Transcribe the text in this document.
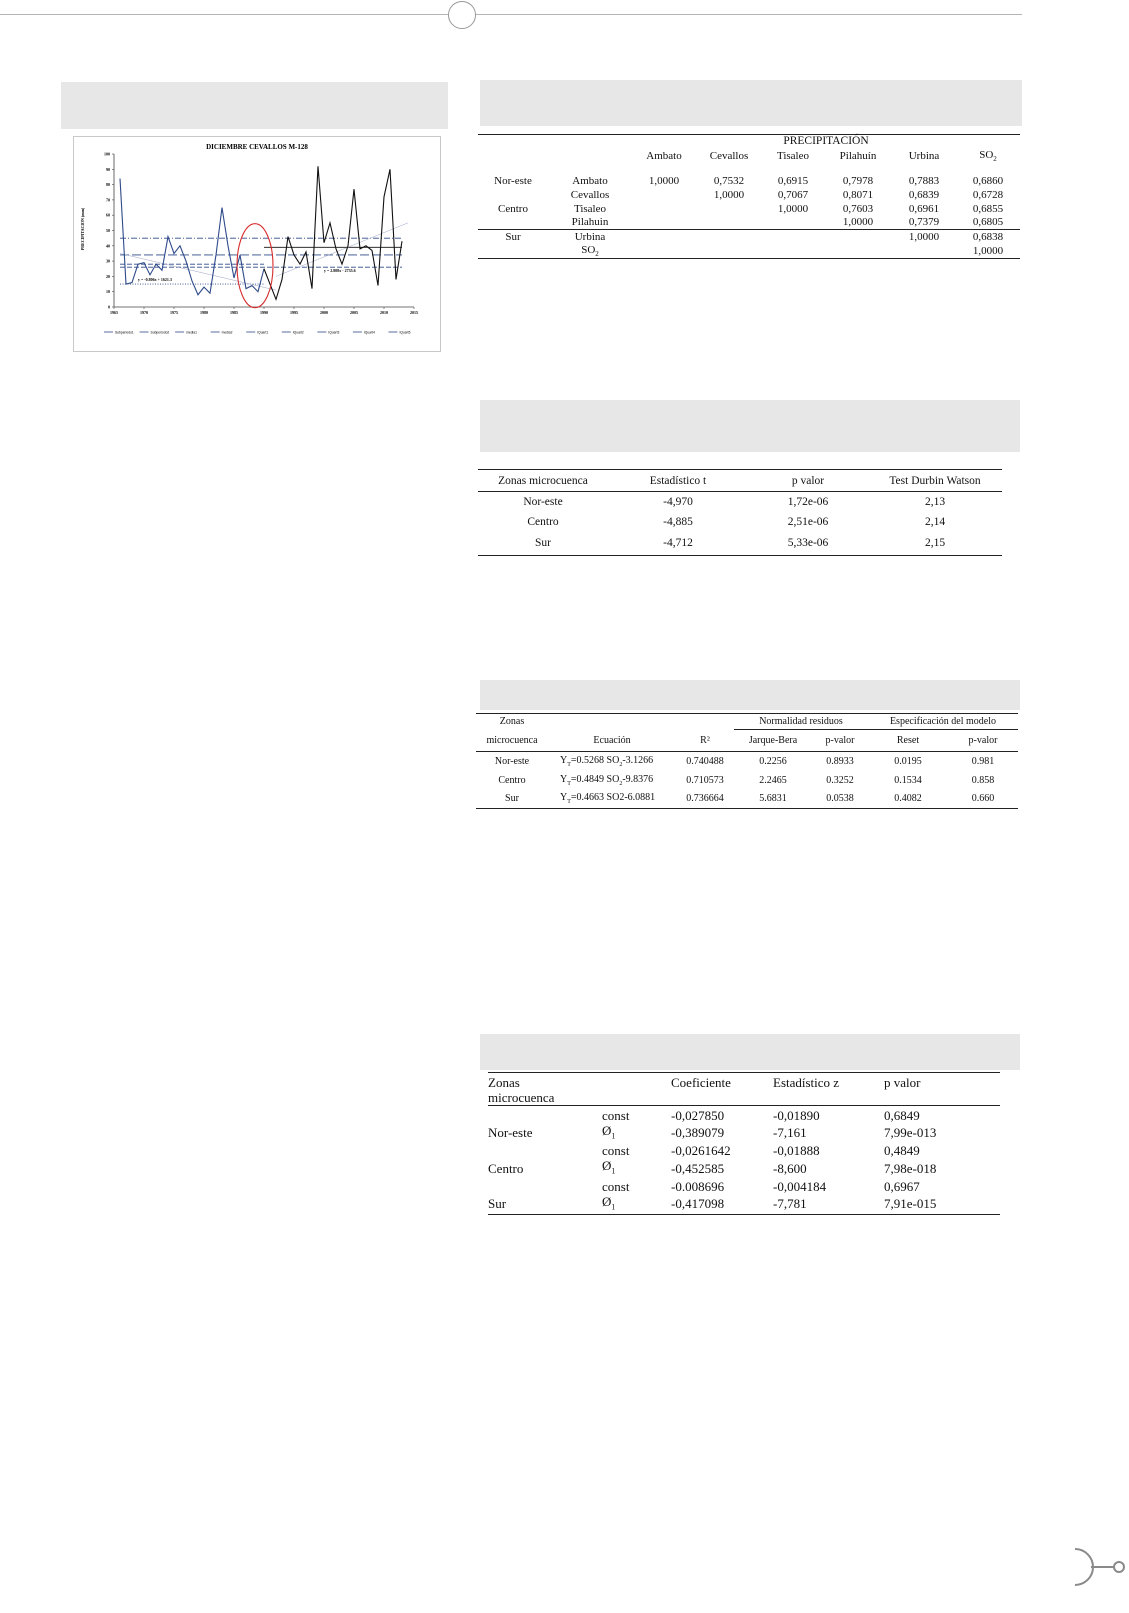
DICIEMBRE CEVALLOS M-128
PRECIPITACION (mm)
0
10
20
30
40
50
60
70
80
90
100
1965	1970	1975	1980	1985	1990	1995	2000	2005	2010	2015
y = -0.806x + 1621.3
y = 2.808x - 2735.6
Subperiodo1	Subperiodo2	media1	media2	IQuart1	IQuart2	IQuart3	IQuart4	IQuart5
		PRECIPITACIÓN					
		Ambato	Cevallos	Tisaleo	Pilahuín	Urbina	$SO_2$

Nor-este	Ambato	1,0000	0,7532	0,6915	0,7978	0,7883	0,6860
	Cevallos		1,0000	0,7067	0,8071	0,6839	0,6728
Centro	Tisaleo			1,0000	0,7603	0,6961	0,6855
	Pilahuin				1,0000	0,7379	0,6805
Sur	Urbina					1,0000	0,6838
	$SO_2$						1,0000
Zonas microcuenca	Estadístico t	p valor	Test Durbin Watson
Nor-este	-4,970	1,72e-06	2,13
Centro	-4,885	2,51e-06	2,14
Sur	-4,712	5,33e-06	2,15
Zonas			Normalidad residuos		Especificación del modelo	
microcuenca	Ecuación	R²	Jarque-Bera	p-valor	Reset	p-valor
Nor-este	$Y_T=0.5268$ $SO_2-3.1266$	0.740488	0.2256	0.8933	0.0195	0.981
Centro	$Y_T=0.4849$ $SO_2-9.8376$	0.710573	2.2465	0.3252	0.1534	0.858
Sur	$Y_T=0.4663$ SO2-6.0881	0.736664	5.6831	0.0538	0.4082	0.660
Zonas
microcuenca		Coeficiente	Estadístico z	p valor

	const	-0,027850	-0,01890	0,6849
Nor-este	$Ø_1$	-0,389079	-7,161	7,99e-013
	const	-0,0261642	-0,01888	0,4849
Centro	$Ø_1$	-0,452585	-8,600	7,98e-018
	const	-0.008696	-0,004184	0,6967
Sur	$Ø_1$	-0,417098	-7,781	7,91e-015
